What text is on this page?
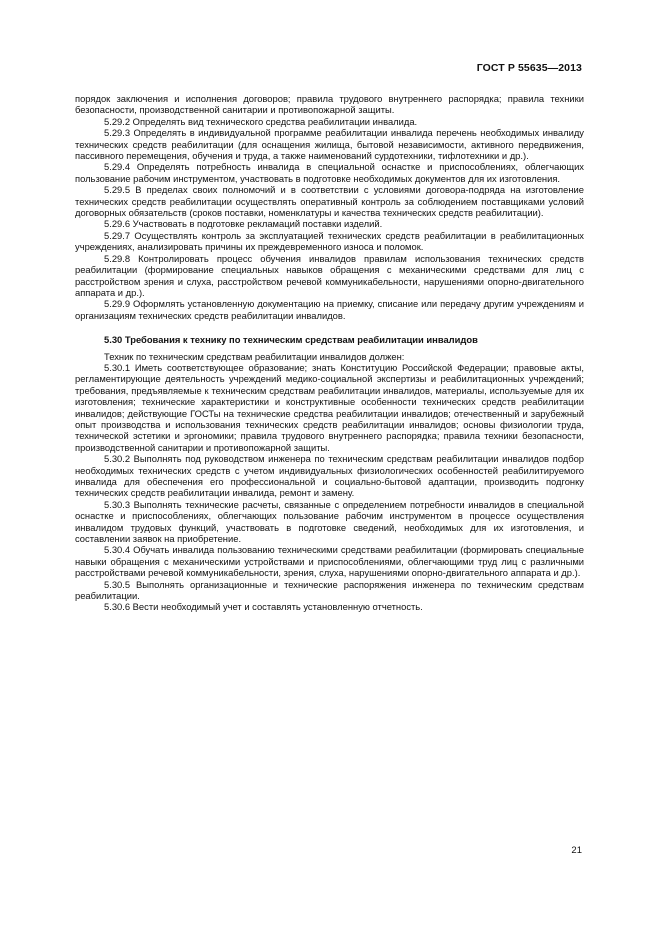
ГОСТ Р 55635—2013

порядок заключения и исполнения договоров; правила трудового внутреннего распорядка; правила техники безопасности, производственной санитарии и противопожарной защиты.

5.29.2 Определять вид технического средства реабилитации инвалида.

5.29.3 Определять в индивидуальной программе реабилитации инвалида перечень необходимых инвалиду технических средств реабилитации (для оснащения жилища, бытовой независимости, активного передвижения, пассивного перемещения, обучения и труда, а также наименований сурдотехники, тифлотехники и др.).

5.29.4 Определять потребность инвалида в специальной оснастке и приспособлениях, облегчающих пользование рабочим инструментом, участвовать в подготовке необходимых документов для их изготовления.

5.29.5 В пределах своих полномочий и в соответствии с условиями договора-подряда на изготовление технических средств реабилитации осуществлять оперативный контроль за соблюдением поставщиками условий договорных обязательств (сроков поставки, номенклатуры и качества технических средств реабилитации).

5.29.6 Участвовать в подготовке рекламаций поставки изделий.

5.29.7 Осуществлять контроль за эксплуатацией технических средств реабилитации в реабилитационных учреждениях, анализировать причины их преждевременного износа и поломок.

5.29.8 Контролировать процесс обучения инвалидов правилам использования технических средств реабилитации (формирование специальных навыков обращения с механическими средствами для лиц с расстройством зрения и слуха, расстройством речевой коммуникабельности, нарушениями опорно-двигательного аппарата и др.).

5.29.9 Оформлять установленную документацию на приемку, списание или передачу другим учреждениям и организациям технических средств реабилитации инвалидов.

5.30 Требования к технику по техническим средствам реабилитации инвалидов

Техник по техническим средствам реабилитации инвалидов должен:

5.30.1 Иметь соответствующее образование; знать Конституцию Российской Федерации; правовые акты, регламентирующие деятельность учреждений медико-социальной экспертизы и реабилитационных учреждений; требования, предъявляемые к техническим средствам реабилитации инвалидов, материалы, используемые для их изготовления; технические характеристики и конструктивные особенности технических средств реабилитации инвалидов; действующие ГОСТы на технические средства реабилитации инвалидов; отечественный и зарубежный опыт производства и использования технических средств реабилитации инвалидов; основы физиологии труда, технической эстетики и эргономики; правила трудового внутреннего распорядка; правила техники безопасности, производственной санитарии и противопожарной защиты.

5.30.2 Выполнять под руководством инженера по техническим средствам реабилитации инвалидов подбор необходимых технических средств с учетом индивидуальных физиологических особенностей реабилитируемого инвалида для обеспечения его профессиональной и социально-бытовой адаптации, производить подгонку технических средств реабилитации инвалида, ремонт и замену.

5.30.3 Выполнять технические расчеты, связанные с определением потребности инвалидов в специальной оснастке и приспособлениях, облегчающих пользование рабочим инструментом в процессе осуществления инвалидом трудовых функций, участвовать в подготовке сведений, необходимых для их изготовления, и составлении заявок на приобретение.

5.30.4 Обучать инвалида пользованию техническими средствами реабилитации (формировать специальные навыки обращения с механическими устройствами и приспособлениями, облегчающими труд лиц с различными расстройствами речевой коммуникабельности, зрения, слуха, нарушениями опорно-двигательного аппарата и др.).

5.30.5 Выполнять организационные и технические распоряжения инженера по техническим средствам реабилитации.

5.30.6 Вести необходимый учет и составлять установленную отчетность.

21
